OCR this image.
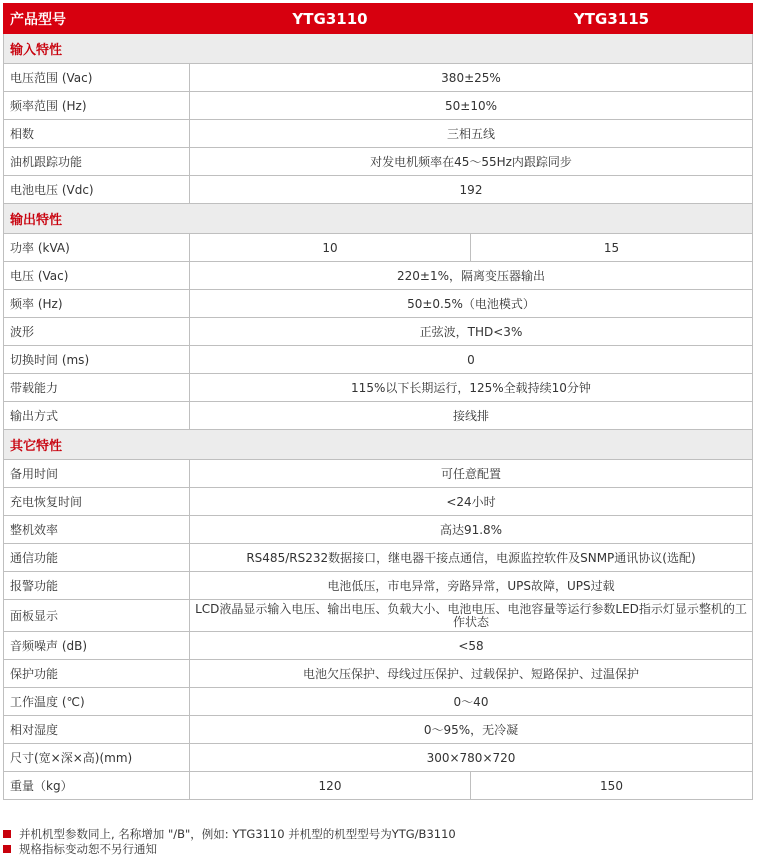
产品型号	YTG3110	YTG3115
输入特性		
电压范围 (Vac)	380±25%	
频率范围 (Hz)	50±10%	
相数	三相五线	
油机跟踪功能	对发电机频率在45～55Hz内跟踪同步	
电池电压 (Vdc)	192	
输出特性		
功率 (kVA)	10	15
电压 (Vac)	220±1%，隔离变压器输出	
频率 (Hz)	50±0.5%（电池模式）	
波形	正弦波，THD<3%	
切换时间 (ms)	0	
带载能力	115%以下长期运行，125%全载持续10分钟	
输出方式	接线排	
其它特性		
备用时间	可任意配置	
充电恢复时间	<24小时	
整机效率	高达91.8%	
通信功能	RS485/RS232数据接口，继电器干接点通信，电源监控软件及SNMP通讯协议(选配)	
报警功能	电池低压，市电异常，旁路异常，UPS故障，UPS过载	
面板显示	LCD液晶显示输入电压、输出电压、负载大小、电池电压、电池容量等运行参数LED指示灯显示整机的工作状态	
音频噪声 (dB)	<58	
保护功能	电池欠压保护、母线过压保护、过载保护、短路保护、过温保护	
工作温度 (℃)	0～40	
相对湿度	0～95%，无冷凝	
尺寸(宽×深×高)(mm)	300×780×720	
重量（kg）	120	150
并机机型参数同上, 名称增加 "/B"，例如: YTG3110 并机型的机型型号为YTG/B3110
规格指标变动恕不另行通知
